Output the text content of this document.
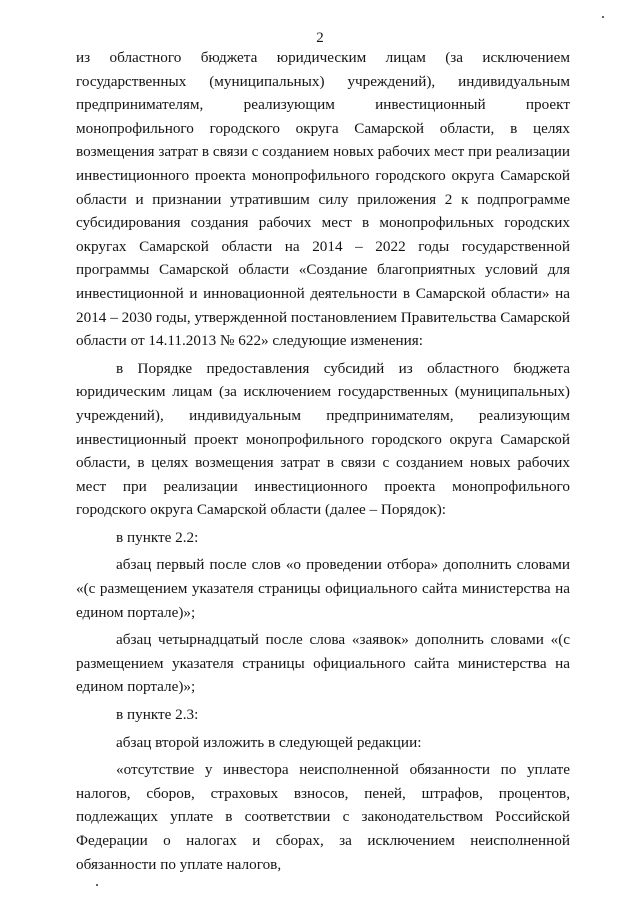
2

из областного бюджета юридическим лицам (за исключением государственных (муниципальных) учреждений), индивидуальным предпринимателям, реализующим инвестиционный проект монопрофильного городского округа Самарской области, в целях возмещения затрат в связи с созданием новых рабочих мест при реализации инвестиционного проекта монопрофильного городского округа Самарской области и признании утратившим силу приложения 2 к подпрограмме субсидирования создания рабочих мест в монопрофильных городских округах Самарской области на 2014 – 2022 годы государственной программы Самарской области «Создание благоприятных условий для инвестиционной и инновационной деятельности в Самарской области» на 2014 – 2030 годы, утвержденной постановлением Правительства Самарской области от 14.11.2013 № 622» следующие изменения:

в Порядке предоставления субсидий из областного бюджета юридическим лицам (за исключением государственных (муниципальных) учреждений), индивидуальным предпринимателям, реализующим инвестиционный проект монопрофильного городского округа Самарской области, в целях возмещения затрат в связи с созданием новых рабочих мест при реализации инвестиционного проекта монопрофильного городского округа Самарской области (далее – Порядок):

в пункте 2.2:

абзац первый после слов «о проведении отбора» дополнить словами «(с размещением указателя страницы официального сайта министерства на едином портале)»;

абзац четырнадцатый после слова «заявок» дополнить словами «(с размещением указателя страницы официального сайта министерства на едином портале)»;

в пункте 2.3:

абзац второй изложить в следующей редакции:

«отсутствие у инвестора неисполненной обязанности по уплате налогов, сборов, страховых взносов, пеней, штрафов, процентов, подлежащих уплате в соответствии с законодательством Российской Федерации о налогах и сборах, за исключением неисполненной обязанности по уплате налогов,
